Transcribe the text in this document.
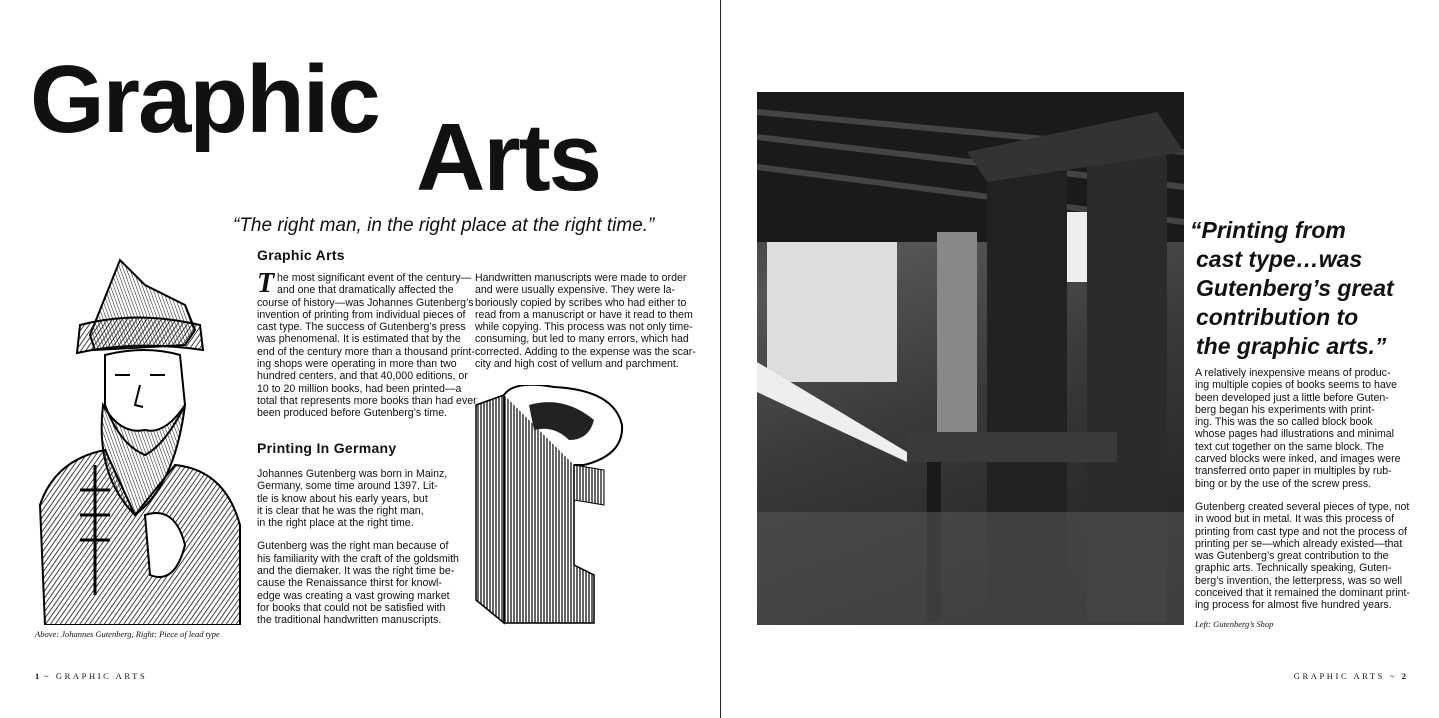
Graphic
Arts
“The right man, in the right place at the right time.”
Above: Johannes Gutenberg, Right: Piece of lead type
Graphic Arts
T he most significant event of the century—
and one that dramatically affected the
course of history—was Johannes Gutenberg’s
invention of printing from individual pieces of
cast type. The success of Gutenberg’s press
was phenomenal. It is estimated that by the
end of the century more than a thousand print-
ing shops were operating in more than two
hundred centers, and that 40,000 editions, or
10 to 20 million books, had been printed—a
total that represents more books than had ever
been produced before Gutenberg’s time.
Printing In Germany

Johannes Gutenberg was born in Mainz,
Germany, some time around 1397. Lit-
tle is know about his early years, but
it is clear that he was the right man,
in the right place at the right time.

Gutenberg was the right man because of
his familiarity with the craft of the goldsmith
and the diemaker. It was the right time be-
cause the Renaissance thirst for knowl-
edge was creating a vast growing market
for books that could not be satisfied with
the traditional handwritten manuscripts.

Handwritten manuscripts were made to order
and were usually expensive. They were la-
boriously copied by scribes who had either to
read from a manuscript or have it read to them
while copying. This process was not only time-
consuming, but led to many errors, which had
corrected. Adding to the expense was the scar-
city and high cost of vellum and parchment.

1 ~ GRAPHIC ARTS
“Printing from
cast type…was
Gutenberg’s great
contribution to
the graphic arts.”

A relatively inexpensive means of produc-
ing multiple copies of books seems to have
been developed just a little before Guten-
berg began his experiments with print-
ing. This was the so called block book
whose pages had illustrations and minimal
text cut together on the same block. The
carved blocks were inked, and images were
transferred onto paper in multiples by rub-
bing or by the use of the screw press.

Gutenberg created several pieces of type, not
in wood but in metal. It was this process of
printing from cast type and not the process of
printing per se—which already existed—that
was Gutenberg’s great contribution to the
graphic arts. Technically speaking, Guten-
berg’s invention, the letterpress, was so well
conceived that it remained the dominant print-
ing process for almost five hundred years.

Left: Gutenberg’s Shop
GRAPHIC ARTS ~ 2
